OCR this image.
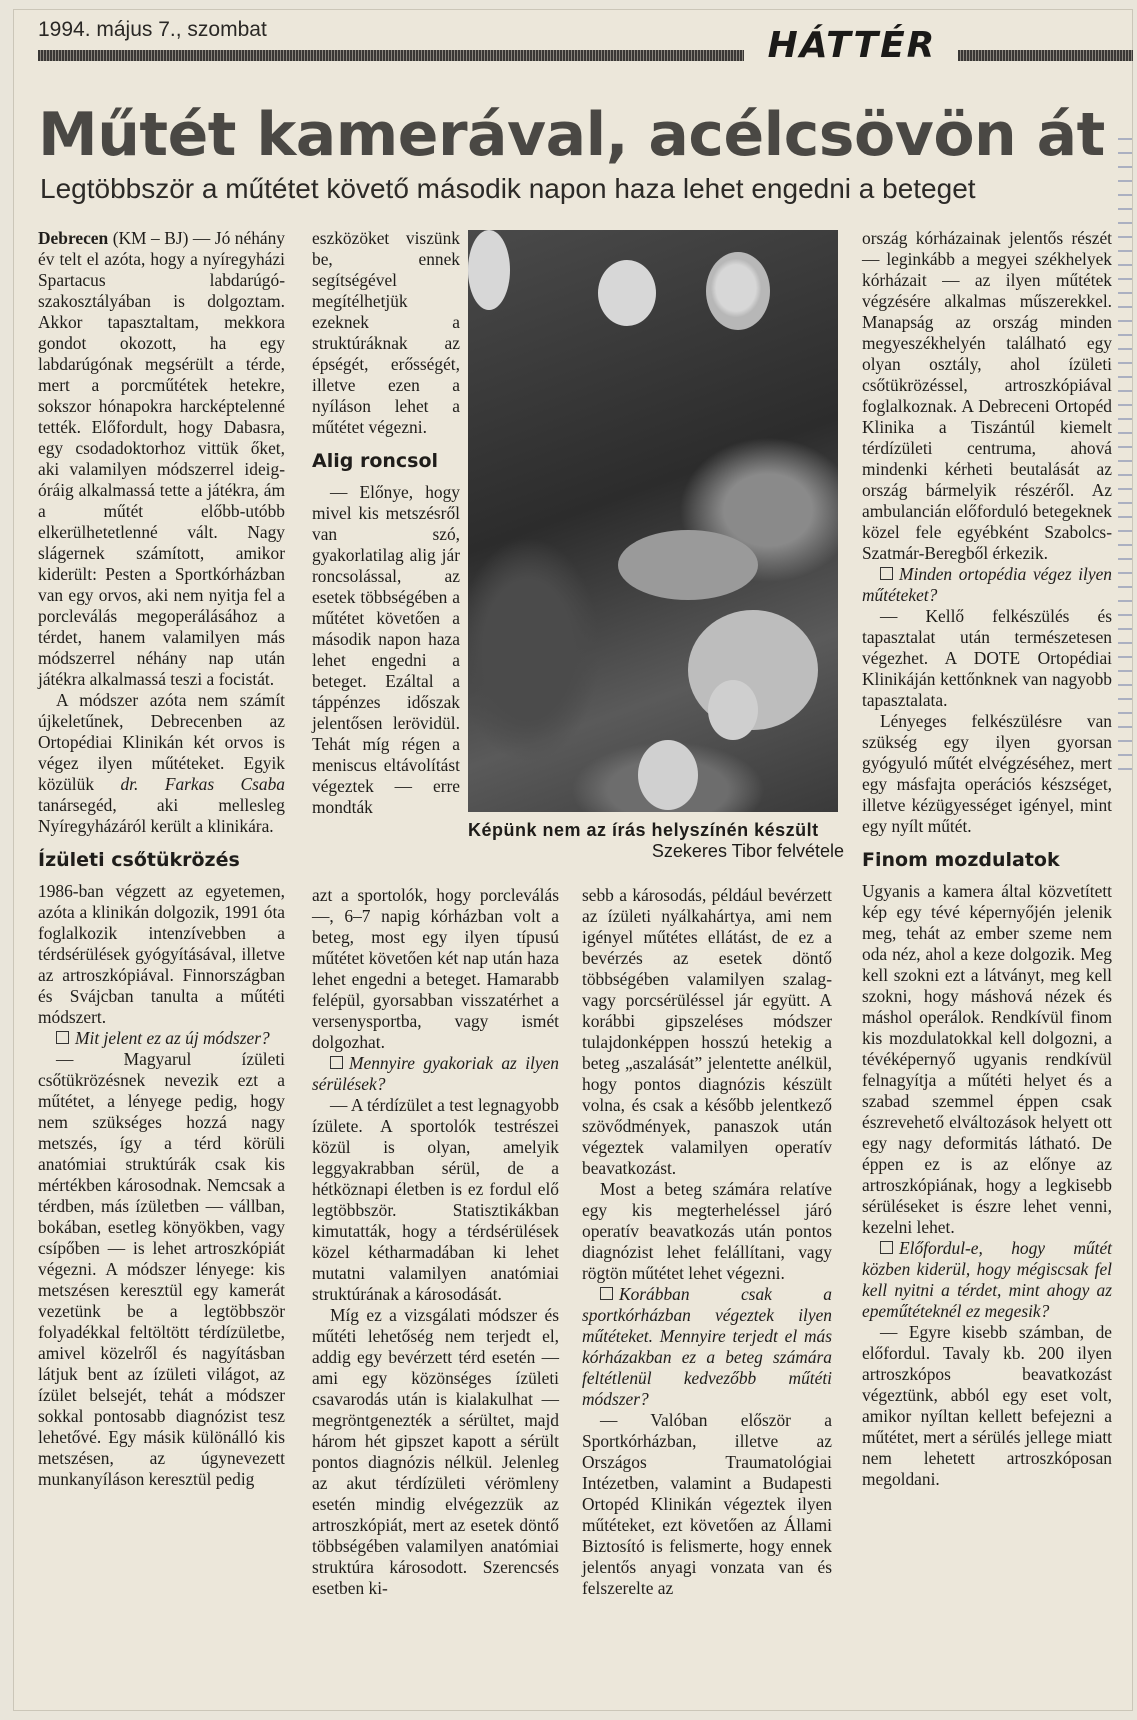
1994. május 7., szombat	HÁTTÉR
Műtét kamerával, acélcsövön át
Legtöbbször a műtétet követő második napon haza lehet engedni a beteget

Debrecen (KM – BJ) — Jó néhány év telt el azóta, hogy a nyíregyházi Spartacus labdarúgó-szakosztályában is dolgoztam. Akkor tapasztaltam, mekkora gondot okozott, ha egy labdarúgónak megsérült a térde, mert a porcműtétek hetekre, sokszor hónapokra harcképtelenné tették. Előfordult, hogy Dabasra, egy csodadoktorhoz vittük őket, aki valamilyen módszerrel ideig-óráig alkalmassá tette a játékra, ám a műtét előbb-utóbb elkerülhetetlenné vált. Nagy slágernek számított, amikor kiderült: Pesten a Sportkórházban van egy orvos, aki nem nyitja fel a porcleválás megoperálásához a térdet, hanem valamilyen más módszerrel néhány nap után játékra alkalmassá teszi a focistát.

A módszer azóta nem számít újkeletűnek, Debrecenben az Ortopédiai Klinikán két orvos is végez ilyen műtéteket. Egyik közülük dr. Farkas Csaba tanársegéd, aki mellesleg Nyíregyházáról került a klinikára.

Ízületi csőtükrözés

1986-ban végzett az egyetemen, azóta a klinikán dolgozik, 1991 óta foglalkozik intenzívebben a térdsérülések gyógyításával, illetve az artroszkópiával. Finnországban és Svájcban tanulta a műtéti módszert.

Mit jelent ez az új módszer?

— Magyarul ízületi csőtükrözésnek nevezik ezt a műtétet, a lényege pedig, hogy nem szükséges hozzá nagy metszés, így a térd körüli anatómiai struktúrák csak kis mértékben károsodnak. Nemcsak a térdben, más ízületben — vállban, bokában, esetleg könyökben, vagy csípőben — is lehet artroszkópiát végezni. A módszer lényege: kis metszésen keresztül egy kamerát vezetünk be a legtöbbször folyadékkal feltöltött térdízületbe, amivel közelről és nagyításban látjuk bent az ízületi világot, az ízület belsejét, tehát a módszer sokkal pontosabb diagnózist tesz lehetővé. Egy másik különálló kis metszésen, az úgynevezett munkanyíláson keresztül pedig

eszközöket viszünk be, ennek segítségével megítélhetjük ezeknek a struktúráknak az épségét, erősségét, illetve ezen a nyíláson lehet a műtétet végezni.

Alig roncsol

— Előnye, hogy mivel kis metszésről van szó, gyakorlatilag alig jár roncsolással, az esetek többségében a műtétet követően a második napon haza lehet engedni a beteget. Ezáltal a táppénzes időszak jelentősen lerövidül. Tehát míg régen a meniscus eltávolítást végeztek — erre mondták

Képünk nem az írás helyszínén készült
Szekeres Tibor felvétele

azt a sportolók, hogy porcleválás —, 6–7 napig kórházban volt a beteg, most egy ilyen típusú műtétet követően két nap után haza lehet engedni a beteget. Hamarabb felépül, gyorsabban visszatérhet a versenysportba, vagy ismét dolgozhat.

Mennyire gyakoriak az ilyen sérülések?

— A térdízület a test legnagyobb ízülete. A sportolók testrészei közül is olyan, amelyik leggyakrabban sérül, de a hétköznapi életben is ez fordul elő legtöbbször. Statisztikákban kimutatták, hogy a térdsérülések közel kétharmadában ki lehet mutatni valamilyen anatómiai struktúrának a károsodását.

Míg ez a vizsgálati módszer és műtéti lehetőség nem terjedt el, addig egy bevérzett térd esetén — ami egy közönséges ízületi csavarodás után is kialakulhat — megröntgenezték a sérültet, majd három hét gipszet kapott a sérült pontos diagnózis nélkül. Jelenleg az akut térdízületi vérömleny esetén mindig elvégezzük az artroszkópiát, mert az esetek döntő többségében valamilyen anatómiai struktúra károsodott. Szerencsés esetben ki-

sebb a károsodás, például bevérzett az ízületi nyálkahártya, ami nem igényel műtétes ellátást, de ez a bevérzés az esetek döntő többségében valamilyen szalag- vagy porcsérüléssel jár együtt. A korábbi gipszeléses módszer tulajdonképpen hosszú hetekig a beteg „aszalását” jelentette anélkül, hogy pontos diagnózis készült volna, és csak a később jelentkező szövődmények, panaszok után végeztek valamilyen operatív beavatkozást.

Most a beteg számára relatíve egy kis megterheléssel járó operatív beavatkozás után pontos diagnózist lehet felállítani, vagy rögtön műtétet lehet végezni.

Korábban csak a sportkórházban végeztek ilyen műtéteket. Mennyire terjedt el más kórházakban ez a beteg számára feltétlenül kedvezőbb műtéti módszer?

— Valóban először a Sportkórházban, illetve az Országos Traumatológiai Intézetben, valamint a Budapesti Ortopéd Klinikán végeztek ilyen műtéteket, ezt követően az Állami Biztosító is felismerte, hogy ennek jelentős anyagi vonzata van és felszerelte az

ország kórházainak jelentős részét — leginkább a megyei székhelyek kórházait — az ilyen műtétek végzésére alkalmas műszerekkel. Manapság az ország minden megyeszékhelyén található egy olyan osztály, ahol ízületi csőtükrözéssel, artroszkópiával foglalkoznak. A Debreceni Ortopéd Klinika a Tiszántúl kiemelt térdízületi centruma, ahová mindenki kérheti beutalását az ország bármelyik részéről. Az ambulancián előforduló betegeknek közel fele egyébként Szabolcs-Szatmár-Beregből érkezik.

Minden ortopédia végez ilyen műtéteket?

— Kellő felkészülés és tapasztalat után természetesen végezhet. A DOTE Ortopédiai Klinikáján kettőnknek van nagyobb tapasztalata.

Lényeges felkészülésre van szükség egy ilyen gyorsan gyógyuló műtét elvégzéséhez, mert egy másfajta operációs készséget, illetve kézügyességet igényel, mint egy nyílt műtét.

Finom mozdulatok

Ugyanis a kamera által közvetített kép egy tévé képernyőjén jelenik meg, tehát az ember szeme nem oda néz, ahol a keze dolgozik. Meg kell szokni ezt a látványt, meg kell szokni, hogy máshová nézek és máshol operálok. Rendkívül finom kis mozdulatokkal kell dolgozni, a tévéképernyő ugyanis rendkívül felnagyítja a műtéti helyet és a szabad szemmel éppen csak észrevehető elváltozások helyett ott egy nagy deformitás látható. De éppen ez is az előnye az artroszkópiának, hogy a legkisebb sérüléseket is észre lehet venni, kezelni lehet.

Előfordul-e, hogy műtét közben kiderül, hogy mégiscsak fel kell nyitni a térdet, mint ahogy az epeműtéteknél ez megesik?

— Egyre kisebb számban, de előfordul. Tavaly kb. 200 ilyen artroszkópos beavatkozást végeztünk, abból egy eset volt, amikor nyíltan kellett befejezni a műtétet, mert a sérülés jellege miatt nem lehetett artroszkóposan megoldani.
